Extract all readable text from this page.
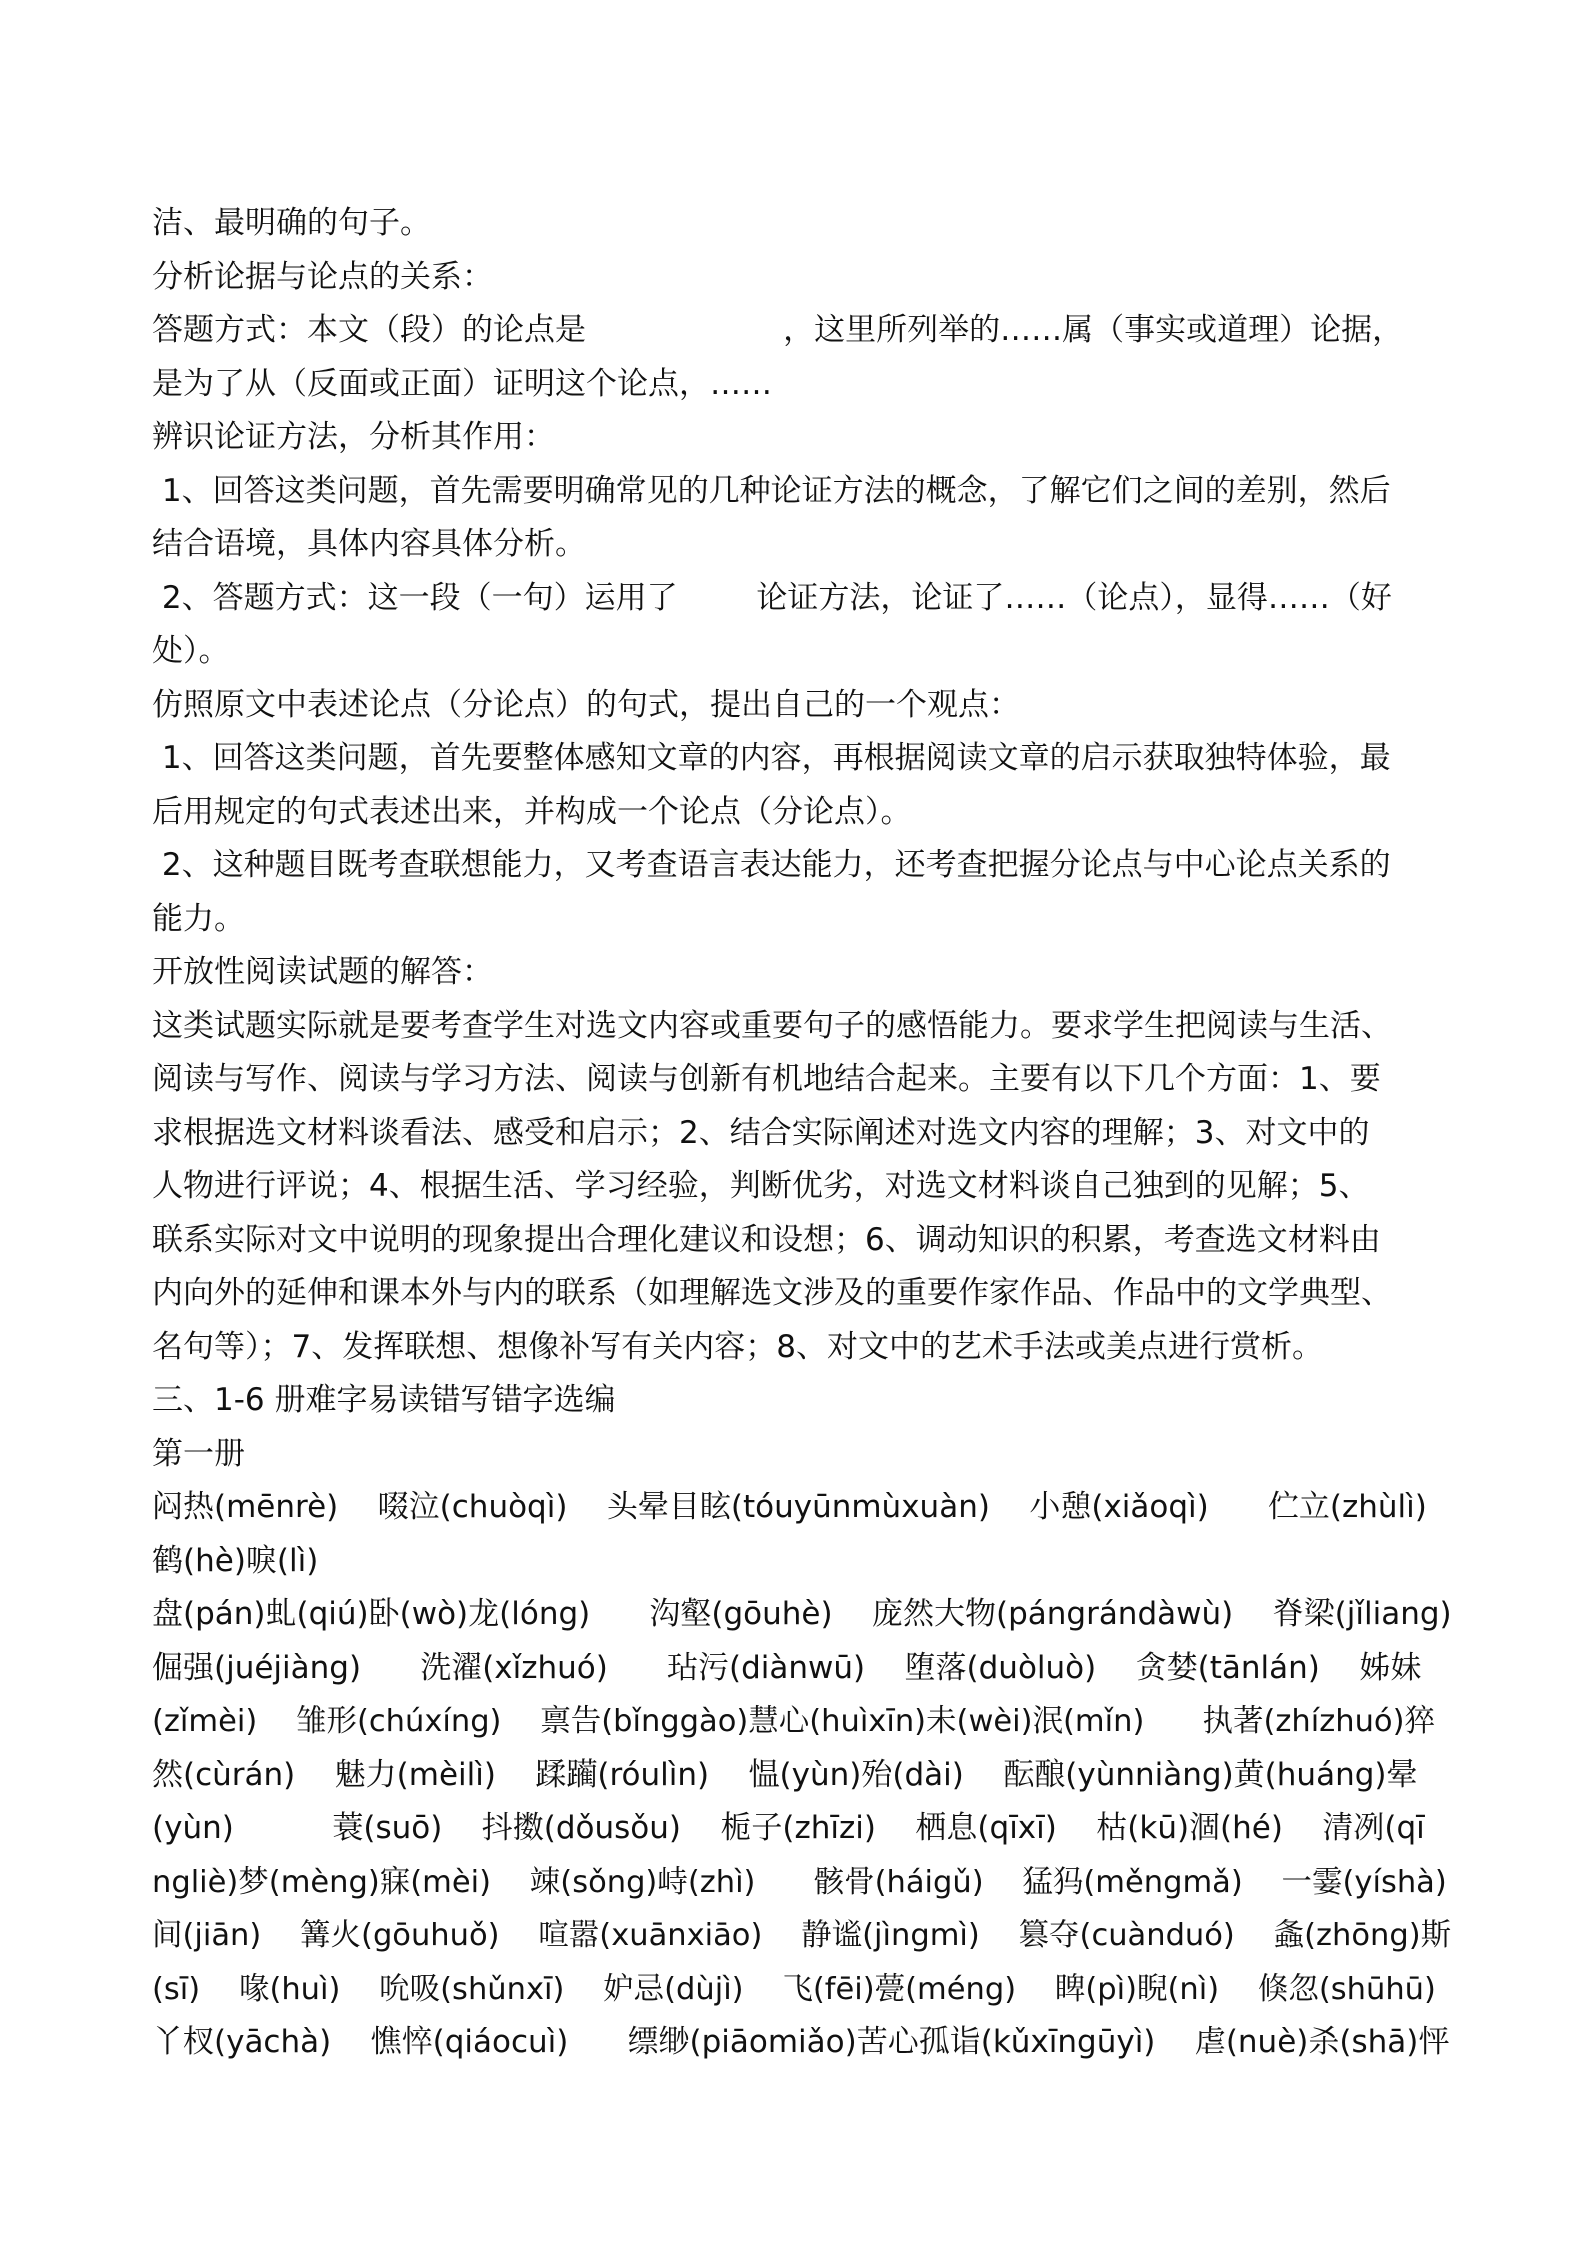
洁、最明确的句子。
分析论据与论点的关系：
答题方式：本文（段）的论点是                    ，这里所列举的……属（事实或道理）论据，
是为了从（反面或正面）证明这个论点，……
辨识论证方法，分析其作用：
1、回答这类问题，首先需要明确常见的几种论证方法的概念，了解它们之间的差别，然后
结合语境，具体内容具体分析。
2、答题方式：这一段（一句）运用了        论证方法，论证了……（论点），显得……（好
处）。
仿照原文中表述论点（分论点）的句式，提出自己的一个观点：
1、回答这类问题，首先要整体感知文章的内容，再根据阅读文章的启示获取独特体验，最
后用规定的句式表述出来，并构成一个论点（分论点）。
2、这种题目既考查联想能力，又考查语言表达能力，还考查把握分论点与中心论点关系的
能力。
开放性阅读试题的解答：
这类试题实际就是要考查学生对选文内容或重要句子的感悟能力。要求学生把阅读与生活、
阅读与写作、阅读与学习方法、阅读与创新有机地结合起来。主要有以下几个方面：1、要
求根据选文材料谈看法、感受和启示；2、结合实际阐述对选文内容的理解；3、对文中的
人物进行评说；4、根据生活、学习经验，判断优劣，对选文材料谈自己独到的见解；5、
联系实际对文中说明的现象提出合理化建议和设想；6、调动知识的积累，考查选文材料由
内向外的延伸和课本外与内的联系（如理解选文涉及的重要作家作品、作品中的文学典型、
名句等）；7、发挥联想、想像补写有关内容；8、对文中的艺术手法或美点进行赏析。
三、1-6 册难字易读错写错字选编
第一册
闷热(mēnrè)    啜泣(chuòqì)    头晕目眩(tóuyūnmùxuàn)    小憩(xiǎoqì)      伫立(zhùlì)
鹤(hè)唳(lì)
盘(pán)虬(qiú)卧(wò)龙(lóng)      沟壑(gōuhè)    庞然大物(pángrándàwù)    脊梁(jǐliang)
倔强(juéjiàng)      洗濯(xǐzhuó)      玷污(diànwū)    堕落(duòluò)    贪婪(tānlán)    姊妹
(zǐmèi)    雏形(chúxíng)    禀告(bǐnggào)慧心(huìxīn)未(wèi)泯(mǐn)      执著(zhízhuó)猝
然(cùrán)    魅力(mèilì)    蹂躏(róulìn)    愠(yùn)殆(dài)    酝酿(yùnniàng)黄(huáng)晕
(yùn)          蓑(suō)    抖擞(dǒusǒu)    栀子(zhīzi)    栖息(qīxī)    枯(kū)涸(hé)    清冽(qī
ngliè)梦(mèng)寐(mèi)    竦(sǒng)峙(zhì)      骸骨(háigǔ)    猛犸(měngmǎ)    一霎(yíshà)
间(jiān)    篝火(gōuhuǒ)    喧嚣(xuānxiāo)    静谧(jìngmì)    篡夺(cuànduó)    螽(zhōng)斯
(sī)    喙(huì)    吮吸(shǔnxī)    妒忌(dùjì)    飞(fēi)甍(méng)    睥(pì)睨(nì)    倏忽(shūhū)
丫杈(yāchà)    憔悴(qiáocuì)      缥缈(piāomiǎo)苦心孤诣(kǔxīngūyì)    虐(nuè)杀(shā)怦
